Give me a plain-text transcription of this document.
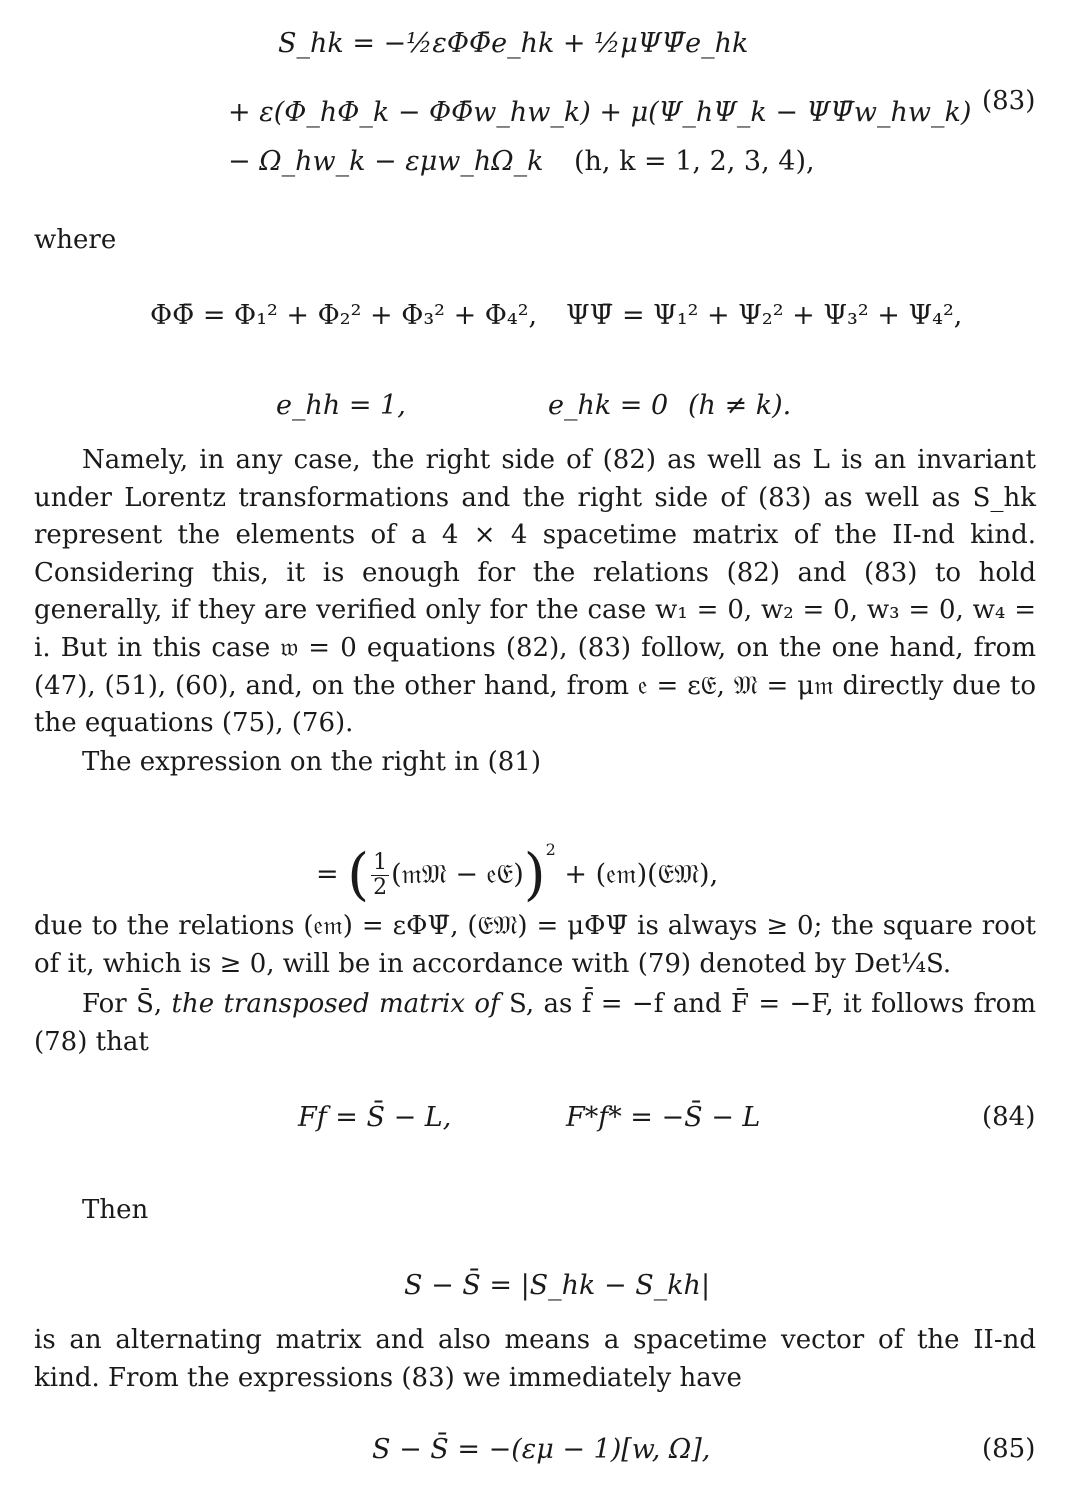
S_hk = −½εΦΦ̄e_hk + ½μΨΨ̄e_hk
+ ε(Φ_hΦ_k − ΦΦ̄w_hw_k) + μ(Ψ_hΨ_k − ΨΨ̄w_hw_k) (83)
− Ω_hw_k − εμw_hΩ_k (h, k = 1, 2, 3, 4),
where
ΦΦ̄ = Φ₁² + Φ₂² + Φ₃² + Φ₄², ΨΨ̄ = Ψ₁² + Ψ₂² + Ψ₃² + Ψ₄²,
e_hh = 1,	e_hk = 0 (h ≠ k).
Namely, in any case, the right side of (82) as well as L is an invariant under Lorentz transformations and the right side of (83) as well as S_hk represent the elements of a 4 × 4 spacetime matrix of the II-nd kind. Considering this, it is enough for the relations (82) and (83) to hold generally, if they are verified only for the case w₁ = 0, w₂ = 0, w₃ = 0, w₄ = i. But in this case 𝔴 = 0 equations (82), (83) follow, on the one hand, from (47), (51), (60), and, on the other hand, from 𝔢 = ε𝔈, 𝔐 = μ𝔪 directly due to the equations (75), (76).
The expression on the right in (81)
= ( $\frac{1}{2}$ (𝔪𝔐 − 𝔢𝔈))$^2$ + (𝔢𝔪)(𝔈𝔐),
due to the relations (𝔢𝔪) = εΦΨ̄, (𝔈𝔐) = μΦΨ̄ is always ≥ 0; the square root of it, which is ≥ 0, will be in accordance with (79) denoted by Det¼S.
For S̄, the transposed matrix of S, as f̄ = −f and F̄ = −F, it follows from (78) that
Ff = S̄ − L,	F*f* = −S̄ − L	(84)
Then
S − S̄ = |S_hk − S_kh|
is an alternating matrix and also means a spacetime vector of the II-nd kind. From the expressions (83) we immediately have
S − S̄ = −(εμ − 1)[w, Ω],	(85)
